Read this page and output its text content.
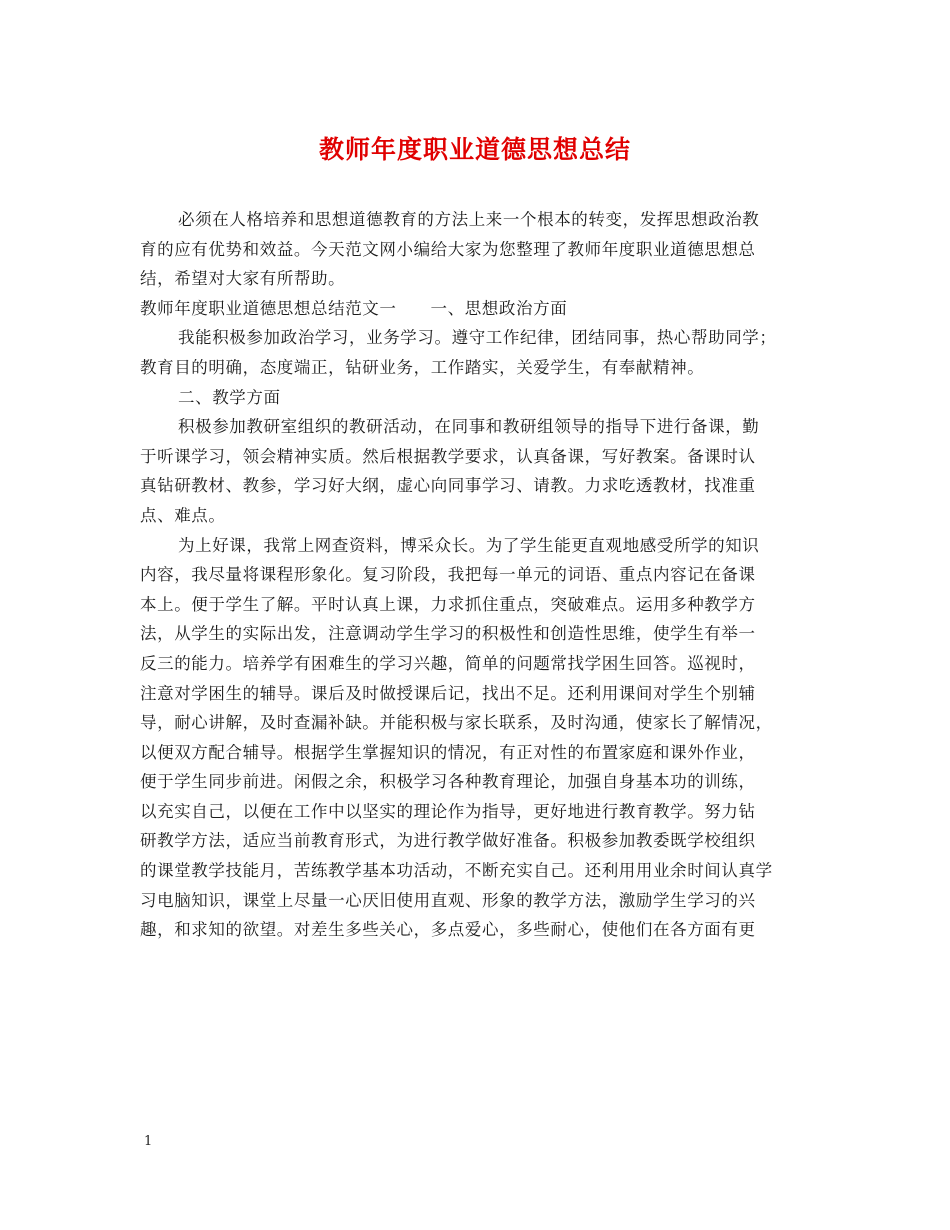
教师年度职业道德思想总结
必须在人格培养和思想道德教育的方法上来一个根本的转变，发挥思想政治教
育的应有优势和效益。今天范文网小编给大家为您整理了教师年度职业道德思想总
结，希望对大家有所帮助。
教师年度职业道德思想总结范文一 一、思想政治方面
我能积极参加政治学习，业务学习。遵守工作纪律，团结同事，热心帮助同学；
教育目的明确，态度端正，钻研业务，工作踏实，关爱学生，有奉献精神。
二、教学方面
积极参加教研室组织的教研活动，在同事和教研组领导的指导下进行备课，勤
于听课学习，领会精神实质。然后根据教学要求，认真备课，写好教案。备课时认
真钻研教材、教参，学习好大纲，虚心向同事学习、请教。力求吃透教材，找准重
点、难点。
为上好课，我常上网查资料，博采众长。为了学生能更直观地感受所学的知识
内容，我尽量将课程形象化。复习阶段，我把每一单元的词语、重点内容记在备课
本上。便于学生了解。平时认真上课，力求抓住重点，突破难点。运用多种教学方
法，从学生的实际出发，注意调动学生学习的积极性和创造性思维，使学生有举一
反三的能力。培养学有困难生的学习兴趣，简单的问题常找学困生回答。巡视时，
注意对学困生的辅导。课后及时做授课后记，找出不足。还利用课间对学生个别辅
导，耐心讲解，及时查漏补缺。并能积极与家长联系，及时沟通，使家长了解情况，
以便双方配合辅导。根据学生掌握知识的情况，有正对性的布置家庭和课外作业，
便于学生同步前进。闲假之余，积极学习各种教育理论，加强自身基本功的训练，
以充实自己，以便在工作中以坚实的理论作为指导，更好地进行教育教学。努力钻
研教学方法，适应当前教育形式，为进行教学做好准备。积极参加教委既学校组织
的课堂教学技能月，苦练教学基本功活动，不断充实自己。还利用用业余时间认真学
习电脑知识，课堂上尽量一心厌旧使用直观、形象的教学方法，激励学生学习的兴
趣，和求知的欲望。对差生多些关心，多点爱心，多些耐心，使他们在各方面有更
1
